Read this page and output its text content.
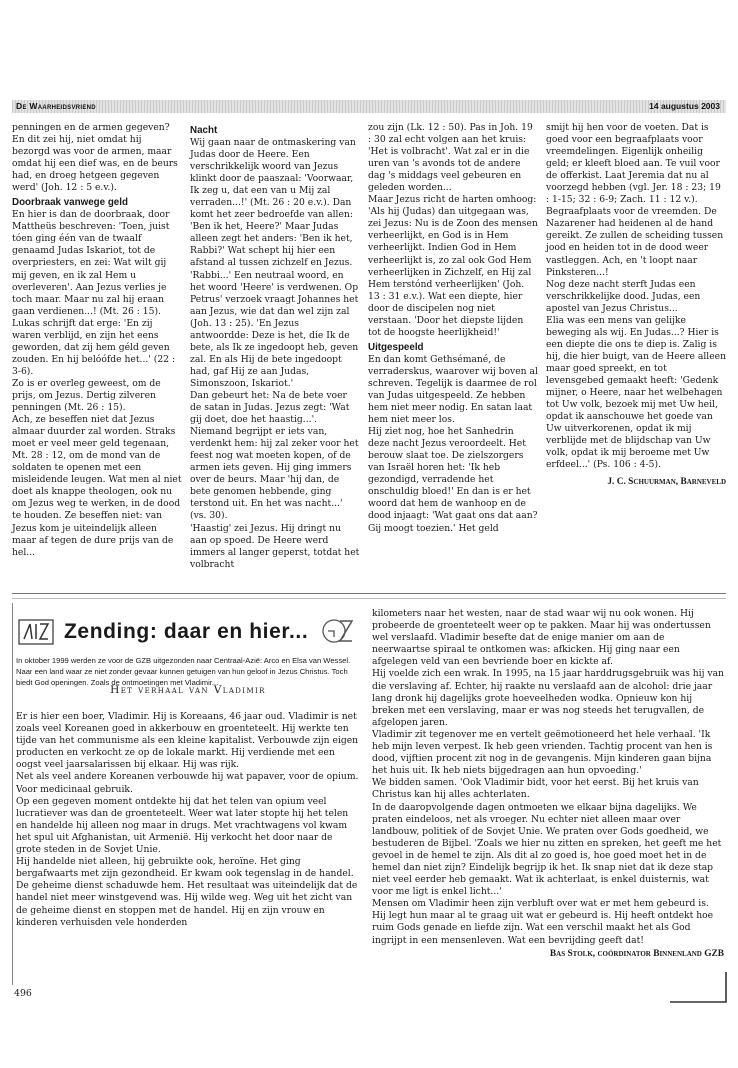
De Waarheidsvriend	14 augustus 2003
penningen en de armen gegeven? En dit zei hij, niet omdat hij bezorgd was voor de armen, maar omdat hij een dief was, en de beurs had, en droeg hetgeen gegeven werd' (Joh. 12 : 5 e.v.).
Doorbraak vanwege geld
En hier is dan de doorbraak, door Mattheüs beschreven: 'Toen, juist tóen ging één van de twaalf genaamd Judas Iskariot, tot de overpriesters, en zei: Wat wilt gij mij geven, en ik zal Hem u overleveren'. Aan Jezus verlies je toch maar. Maar nu zal hij eraan gaan verdienen...! (Mt. 26 : 15). Lukas schrijft dat erge: 'En zij waren verblijd, en zijn het eens geworden, dat zij hem géld geven zouden. En hij belóófde het...' (22 : 3-6).
Zo is er overleg geweest, om de prijs, om Jezus. Dertig zilveren penningen (Mt. 26 : 15).
Ach, ze beseffen niet dat Jezus almaar duurder zal worden. Straks moet er veel meer geld tegenaan, Mt. 28 : 12, om de mond van de soldaten te openen met een misleidende leugen. Wat men al niet doet als knappe theologen, ook nu om Jezus weg te werken, in de dood te houden. Ze beseffen niet: van Jezus kom je uiteindelijk alleen maar af tegen de dure prijs van de hel...
Nacht
Wij gaan naar de ontmaskering van Judas door de Heere. Een verschrikkelijk woord van Jezus klinkt door de paaszaal: 'Voorwaar, Ik zeg u, dat een van u Mij zal verraden...!' (Mt. 26 : 20 e.v.). Dan komt het zeer bedroefde van allen: 'Ben ik het, Heere?' Maar Judas alleen zegt het anders: 'Ben ik het, Rabbi?' Wat schept hij hier een afstand al tussen zichzelf en Jezus. 'Rabbi...' Een neutraal woord, en het woord 'Heere' is verdwenen. Op Petrus' verzoek vraagt Johannes het aan Jezus, wie dat dan wel zijn zal (Joh. 13 : 25). 'En Jezus antwoordde: Deze is het, die Ik de bete, als Ik ze ingedoopt heb, geven zal. En als Hij de bete ingedoopt had, gaf Hij ze aan Judas, Simonszoon, Iskariot.'
Dan gebeurt het: Na de bete voer de satan in Judas. Jezus zegt: 'Wat gij doet, doe het haastig...'.
Niemand begrijpt er iets van, verdenkt hem: hij zal zeker voor het feest nog wat moeten kopen, of de armen iets geven. Hij ging immers over de beurs. Maar 'hij dan, de bete genomen hebbende, ging terstond uit. En het was nacht...' (vs. 30).
'Haastig' zei Jezus. Hij dringt nu aan op spoed. De Heere werd immers al langer geperst, totdat het volbracht
zou zijn (Lk. 12 : 50). Pas in Joh. 19 : 30 zal echt volgen aan het kruis: 'Het is volbracht'. Wat zal er in die uren van 's avonds tot de andere dag 's middags veel gebeuren en geleden worden...
Maar Jezus richt de harten omhoog: 'Als hij (Judas) dan uitgegaan was, zei Jezus: Nu is de Zoon des mensen verheerlijkt, en God is in Hem verheerlijkt. Indien God in Hem verheerlijkt is, zo zal ook God Hem verheerlijken in Zichzelf, en Hij zal Hem terstónd verheerlijken' (Joh. 13 : 31 e.v.). Wat een diepte, hier door de discipelen nog niet verstaan. 'Door het diepste lijden tot de hoogste heerlijkheid!'
Uitgespeeld
En dan komt Gethsémané, de verraderskus, waarover wij boven al schreven. Tegelijk is daarmee de rol van Judas uitgespeeld. Ze hebben hem niet meer nodig. En satan laat hem niet meer los.
Hij ziet nog, hoe het Sanhedrin deze nacht Jezus veroordeelt. Het berouw slaat toe. De zielszorgers van Israël horen het: 'Ik heb gezondigd, verradende het onschuldig bloed!' En dan is er het woord dat hem de wanhoop en de dood injaagt: 'Wat gaat ons dat aan? Gij moogt toezien.' Het geld
smijt hij hen voor de voeten. Dat is goed voor een begraafplaats voor vreemdelingen. Eigenlijk onheilig geld; er kleeft bloed aan. Te vuil voor de offerkist. Laat Jeremia dat nu al voorzegd hebben (vgl. Jer. 18 : 23; 19 : 1-15; 32 : 6-9; Zach. 11 : 12 v.). Begraafplaats voor de vreemden. De Nazarener had heidenen al de hand gereikt. Ze zullen de scheiding tussen jood en heiden tot in de dood weer vastleggen. Ach, en 't loopt naar Pinksteren...!
Nog deze nacht sterft Judas een verschrikkelijke dood. Judas, een apostel van Jezus Christus...
Elia was een mens van gelijke beweging als wij. En Judas...? Hier is een diepte die ons te diep is. Zalig is hij, die hier buigt, van de Heere alleen maar goed spreekt, en tot levensgebed gemaakt heeft: 'Gedenk mijner, o Heere, naar het welbehagen tot Uw volk, bezoek mij met Uw heil, opdat ik aanschouwe het goede van Uw uitverkorenen, opdat ik mij verblijde met de blijdschap van Uw volk, opdat ik mij beroeme met Uw erfdeel...' (Ps. 106 : 4-5).
J. C. Schuurman, Barneveld
Zending: daar en hier...
In oktober 1999 werden ze voor de GZB uitgezonden naar Centraal-Azië: Arco en Elsa van Wessel. Naar een land waar ze niet zonder gevaar kunnen getuigen van hun geloof in Jezus Christus. Toch biedt God openingen. Zoals de ontmoetingen met Vladimir...
Het verhaal van Vladimir
Er is hier een boer, Vladimir. Hij is Koreaans, 46 jaar oud. Vladimir is net zoals veel Koreanen goed in akkerbouw en groenteteelt. Hij werkte ten tijde van het communisme als een kleine kapitalist. Verbouwde zijn eigen producten en verkocht ze op de lokale markt. Hij verdiende met een oogst veel jaarsalarissen bij elkaar. Hij was rijk.
Net als veel andere Koreanen verbouwde hij wat papaver, voor de opium. Voor medicinaal gebruik.
Op een gegeven moment ontdekte hij dat het telen van opium veel lucratiever was dan de groenteteelt. Weer wat later stopte hij het telen en handelde hij alleen nog maar in drugs. Met vrachtwagens vol kwam het spul uit Afghanistan, uit Armenië. Hij verkocht het door naar de grote steden in de Sovjet Unie.
Hij handelde niet alleen, hij gebruikte ook, heroïne. Het ging bergafwaarts met zijn gezondheid. Er kwam ook tegenslag in de handel. De geheime dienst schaduwde hem. Het resultaat was uiteindelijk dat de handel niet meer winstgevend was. Hij wilde weg. Weg uit het zicht van de geheime dienst en stoppen met de handel. Hij en zijn vrouw en kinderen verhuisden vele honderden
kilometers naar het westen, naar de stad waar wij nu ook wonen. Hij probeerde de groenteteelt weer op te pakken. Maar hij was ondertussen wel verslaafd. Vladimir besefte dat de enige manier om aan de neerwaartse spiraal te ontkomen was: afkicken. Hij ging naar een afgelegen veld van een bevriende boer en kickte af.
Hij voelde zich een wrak. In 1995, na 15 jaar harddrugsgebruik was hij van die verslaving af. Echter, hij raakte nu verslaafd aan de alcohol: drie jaar lang dronk hij dagelijks grote hoeveelheden wodka. Opnieuw kon hij breken met een verslaving, maar er was nog steeds het terugvallen, de afgelopen jaren.
Vladimir zit tegenover me en vertelt geëmotioneerd het hele verhaal. 'Ik heb mijn leven verpest. Ik heb geen vrienden. Tachtig procent van hen is dood, vijftien procent zit nog in de gevangenis. Mijn kinderen gaan bijna het huis uit. Ik heb niets bijgedragen aan hun opvoeding.'
We bidden samen. 'Ook Vladimir bidt, voor het eerst. Bij het kruis van Christus kan hij alles achterlaten.
In de daaropvolgende dagen ontmoeten we elkaar bijna dagelijks. We praten eindeloos, net als vroeger. Nu echter niet alleen maar over landbouw, politiek of de Sovjet Unie. We praten over Gods goedheid, we bestuderen de Bijbel. 'Zoals we hier nu zitten en spreken, het geeft me het gevoel in de hemel te zijn. Als dit al zo goed is, hoe goed moet het in de hemel dan niet zijn? Eindelijk begrijp ik het. Ik snap niet dat ik deze stap niet veel eerder heb gemaakt. Wat ik achterlaat, is enkel duisternis, wat voor me ligt is enkel licht...'
Mensen om Vladimir heen zijn verbluft over wat er met hem gebeurd is. Hij legt hun maar al te graag uit wat er gebeurd is. Hij heeft ontdekt hoe ruim Gods genade en liefde zijn. Wat een verschil maakt het als God ingrijpt in een mensenleven. Wat een bevrijding geeft dat!
Bas Stolk, coördinator Binnenland GZB
496
